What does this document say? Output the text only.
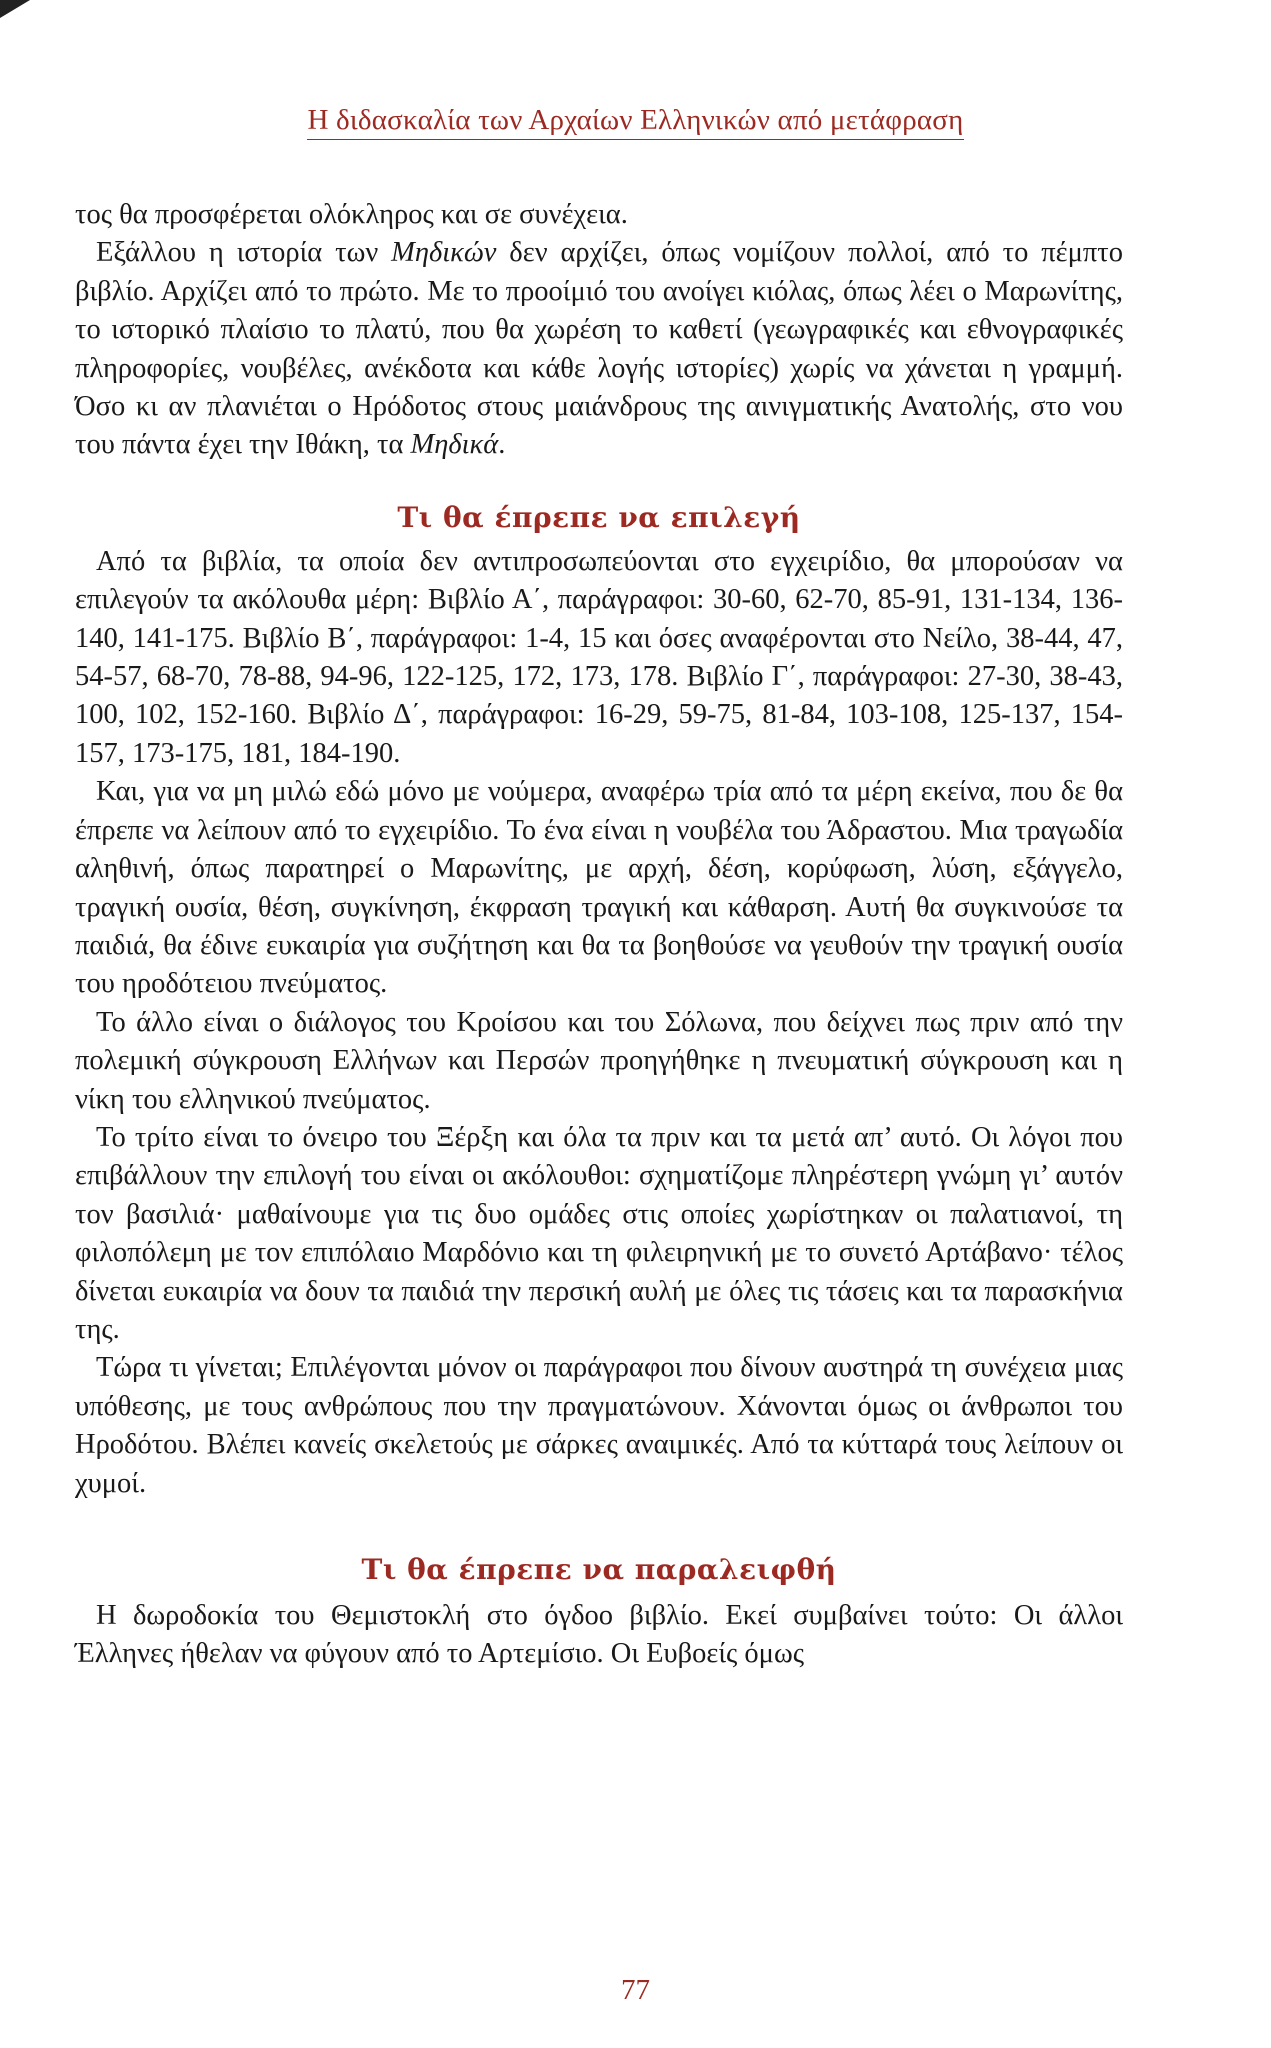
Η διδασκαλία των Αρχαίων Ελληνικών από μετάφραση

τος θα προσφέρεται ολόκληρος και σε συνέχεια.

Εξάλλου η ιστορία των Μηδικών δεν αρχίζει, όπως νομίζουν πολλοί, από το πέμπτο βιβλίο. Αρχίζει από το πρώτο. Με το προοίμιό του ανοίγει κιόλας, όπως λέει ο Μαρωνίτης, το ιστορικό πλαίσιο το πλατύ, που θα χωρέση το καθετί (γεωγραφικές και εθνογραφικές πληροφορίες, νουβέλες, ανέκδοτα και κάθε λογής ιστορίες) χωρίς να χάνεται η γραμμή. Όσο κι αν πλανιέται ο Ηρόδοτος στους μαιάνδρους της αινιγματικής Ανατολής, στο νου του πάντα έχει την Ιθάκη, τα Μηδικά.

Τι θα έπρεπε να επιλεγή

Από τα βιβλία, τα οποία δεν αντιπροσωπεύονται στο εγχειρίδιο, θα μπορούσαν να επιλεγούν τα ακόλουθα μέρη: Βιβλίο Α΄, παράγραφοι: 30-60, 62-70, 85-91, 131-134, 136-140, 141-175. Βιβλίο Β΄, παράγραφοι: 1-4, 15 και όσες αναφέρονται στο Νείλο, 38-44, 47, 54-57, 68-70, 78-88, 94-96, 122-125, 172, 173, 178. Βιβλίο Γ΄, παράγραφοι: 27-30, 38-43, 100, 102, 152-160. Βιβλίο Δ΄, παράγραφοι: 16-29, 59-75, 81-84, 103-108, 125-137, 154-157, 173-175, 181, 184-190.

Και, για να μη μιλώ εδώ μόνο με νούμερα, αναφέρω τρία από τα μέρη εκείνα, που δε θα έπρεπε να λείπουν από το εγχειρίδιο. Το ένα είναι η νουβέλα του Άδραστου. Μια τραγωδία αληθινή, όπως παρατηρεί ο Μαρωνίτης, με αρχή, δέση, κορύφωση, λύση, εξάγγελο, τραγική ουσία, θέση, συγκίνηση, έκφραση τραγική και κάθαρση. Αυτή θα συγκινούσε τα παιδιά, θα έδινε ευκαιρία για συζήτηση και θα τα βοηθούσε να γευθούν την τραγική ουσία του ηροδότειου πνεύματος.

Το άλλο είναι ο διάλογος του Κροίσου και του Σόλωνα, που δείχνει πως πριν από την πολεμική σύγκρουση Ελλήνων και Περσών προηγήθηκε η πνευματική σύγκρουση και η νίκη του ελληνικού πνεύματος.

Το τρίτο είναι το όνειρο του Ξέρξη και όλα τα πριν και τα μετά απ’ αυτό. Οι λόγοι που επιβάλλουν την επιλογή του είναι οι ακόλουθοι: σχηματίζομε πληρέστερη γνώμη γι’ αυτόν τον βασιλιά· μαθαίνουμε για τις δυο ομάδες στις οποίες χωρίστηκαν οι παλατιανοί, τη φιλοπόλεμη με τον επιπόλαιο Μαρδόνιο και τη φιλειρηνική με το συνετό Αρτάβανο· τέλος δίνεται ευκαιρία να δουν τα παιδιά την περσική αυλή με όλες τις τάσεις και τα παρασκήνια της.

Τώρα τι γίνεται; Επιλέγονται μόνον οι παράγραφοι που δίνουν αυστηρά τη συνέχεια μιας υπόθεσης, με τους ανθρώπους που την πραγματώνουν. Χάνονται όμως οι άνθρωποι του Ηροδότου. Βλέπει κανείς σκελετούς με σάρκες αναιμικές. Από τα κύτταρά τους λείπουν οι χυμοί.

Τι θα έπρεπε να παραλειφθή

Η δωροδοκία του Θεμιστοκλή στο όγδοο βιβλίο. Εκεί συμβαίνει τούτο: Οι άλλοι Έλληνες ήθελαν να φύγουν από το Αρτεμίσιο. Οι Ευβοείς όμως

77
